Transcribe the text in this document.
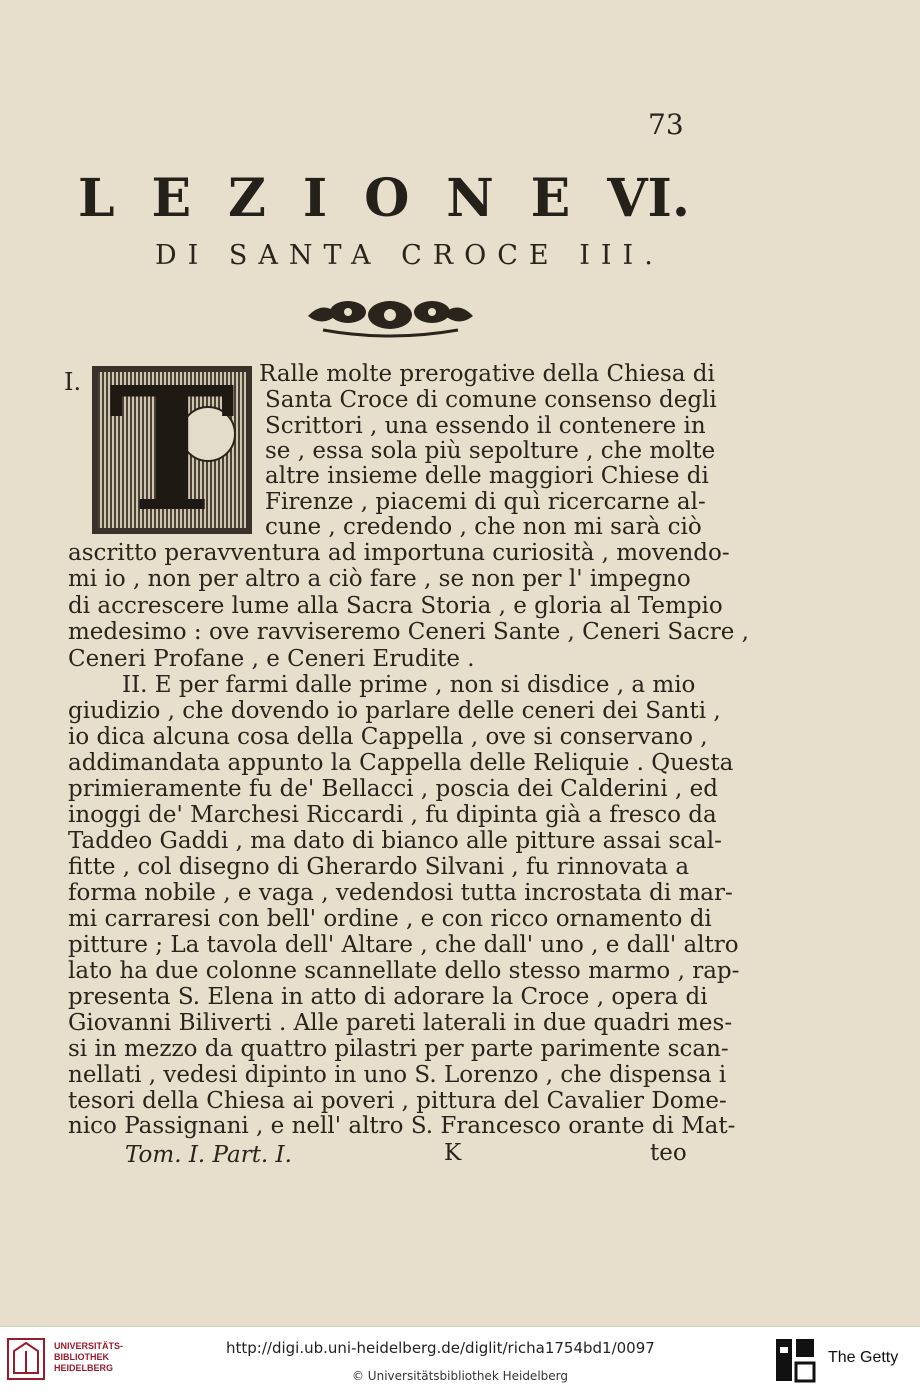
73
L E Z I O N E VI.
DI SANTA CROCE III.
I. T	Ralle molte prerogative della Chiesa di
Santa Croce di comune consenso degli
Scrittori , una essendo il contenere in
se , essa sola più sepolture , che molte
altre insieme delle maggiori Chiese di
Firenze , piacemi di quì ricercarne al-
cune , credendo , che non mi sarà ciò
ascritto peravventura ad importuna curiosità , movendo-
mi io , non per altro a ciò fare , se non per l' impegno
di accrescere lume alla Sacra Storia , e gloria al Tempio
medesimo : ove ravviseremo Ceneri Sante , Ceneri Sacre ,
Ceneri Profane , e Ceneri Erudite .
II. E per farmi dalle prime , non si disdice , a mio
giudizio , che dovendo io parlare delle ceneri dei Santi ,
io dica alcuna cosa della Cappella , ove si conservano ,
addimandata appunto la Cappella delle Reliquie . Questa
primieramente fu de' Bellacci , poscia dei Calderini , ed
inoggi de' Marchesi Riccardi , fu dipinta già a fresco da
Taddeo Gaddi , ma dato di bianco alle pitture assai scal-
fitte , col disegno di Gherardo Silvani , fu rinnovata a
forma nobile , e vaga , vedendosi tutta incrostata di mar-
mi carraresi con bell' ordine , e con ricco ornamento di
pitture ; La tavola dell' Altare , che dall' uno , e dall' altro
lato ha due colonne scannellate dello stesso marmo , rap-
presenta S. Elena in atto di adorare la Croce , opera di
Giovanni Biliverti . Alle pareti laterali in due quadri mes-
si in mezzo da quattro pilastri per parte parimente scan-
nellati , vedesi dipinto in uno S. Lorenzo , che dispensa i
tesori della Chiesa ai poveri , pittura del Cavalier Dome-
nico Passignani , e nell' altro S. Francesco orante di Mat-
Tom. I. Part. I.	K	teo
UNIVERSITÄTS-
BIBLIOTHEK
HEIDELBERG
http://digi.ub.uni-heidelberg.de/diglit/richa1754bd1/0097
© Universitätsbibliothek Heidelberg
The Getty
